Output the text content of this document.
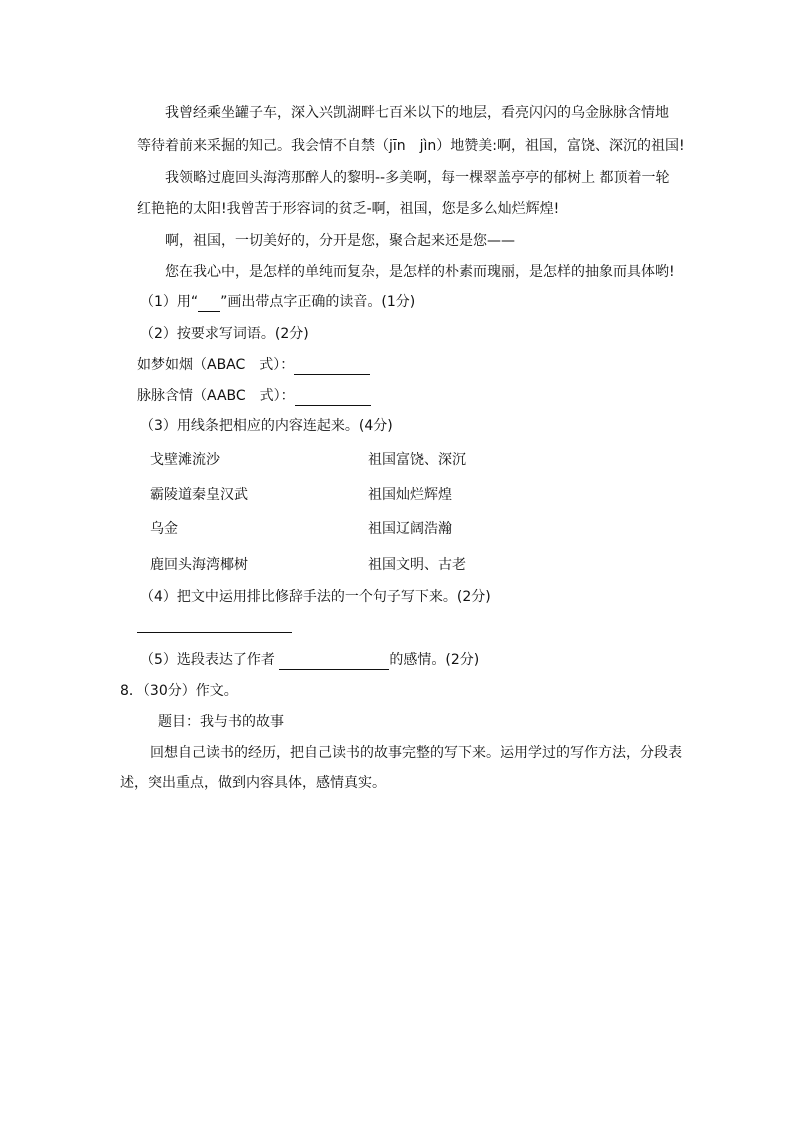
我曾经乘坐罐子车，深入兴凯湖畔七百米以下的地层，看亮闪闪的乌金脉脉含情地
等待着前来采掘的知己。我会情不自禁（jīn　jìn）地赞美:啊，祖国，富饶、深沉的祖国!
我领略过鹿回头海湾那醉人的黎明--多美啊，每一棵翠盖亭亭的郁树上 都顶着一轮
红艳艳的太阳!我曾苦于形容词的贫乏-啊，祖国，您是多么灿烂辉煌!
啊，祖国，一切美好的，分开是您，聚合起来还是您——
您在我心中，是怎样的单纯而复杂，是怎样的朴素而瑰丽，是怎样的抽象而具体哟!
（1）用“ ”画出带点字正确的读音。(1分)
（2）按要求写词语。(2分)
如梦如烟（ABAC　式）：
脉脉含情（AABC　式）：
（3）用线条把相应的内容连起来。(4分)
戈壁滩流沙	祖国富饶、深沉
霸陵道秦皇汉武	祖国灿烂辉煌
乌金	祖国辽阔浩瀚
鹿回头海湾椰树	祖国文明、古老
（4）把文中运用排比修辞手法的一个句子写下来。(2分)
（5）选段表达了作者	的感情。(2分)
8．（30分）作文。
题目：我与书的故事
回想自己读书的经历，把自己读书的故事完整的写下来。运用学过的写作方法，分段表
述，突出重点，做到内容具体，感情真实。
